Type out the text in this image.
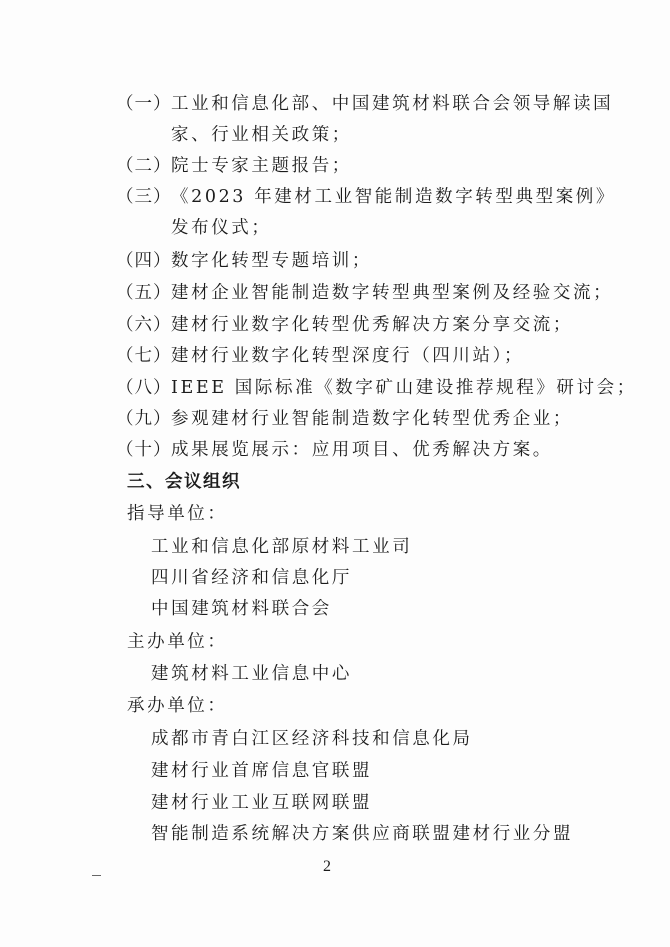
（一） 工业和信息化部、中国建筑材料联合会领导解读国
家、行业相关政策；
（二） 院士专家主题报告；
（三） 《2023 年建材工业智能制造数字转型典型案例》
发布仪式；
（四） 数字化转型专题培训；
（五） 建材企业智能制造数字转型典型案例及经验交流；
（六） 建材行业数字化转型优秀解决方案分享交流；
（七） 建材行业数字化转型深度行（四川站）；
（八） IEEE 国际标准《数字矿山建设推荐规程》研讨会；
（九） 参观建材行业智能制造数字化转型优秀企业；
（十） 成果展览展示：应用项目、优秀解决方案。
三、会议组织
指导单位：
工业和信息化部原材料工业司
四川省经济和信息化厅
中国建筑材料联合会
主办单位：
建筑材料工业信息中心
承办单位：
成都市青白江区经济科技和信息化局
建材行业首席信息官联盟
建材行业工业互联网联盟
智能制造系统解决方案供应商联盟建材行业分盟
2
